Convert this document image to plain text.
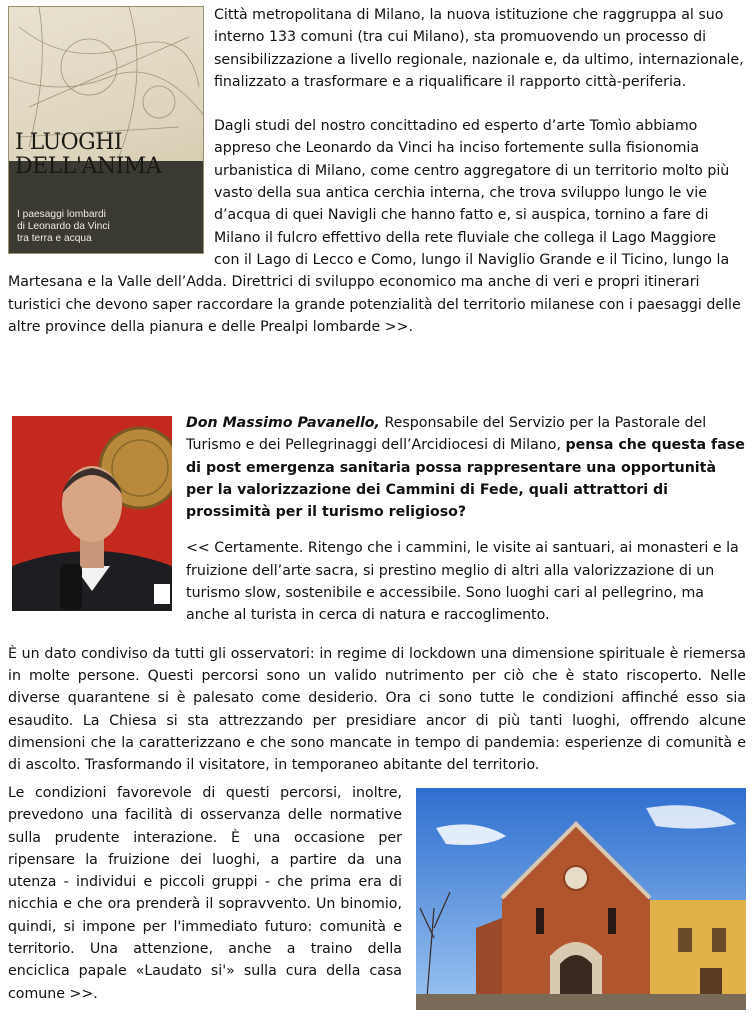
I LUOGHI
DELL'ANIMA
I paesaggi lombardi
di Leonardo da Vinci
tra terra e acqua

Città metropolitana di Milano, la nuova istituzione che raggruppa al suo interno 133 comuni (tra cui Milano), sta promuovendo un processo di sensibilizzazione a livello regionale, nazionale e, da ultimo, internazionale, finalizzato a trasformare e a riqualificare il rapporto città-periferia.

Dagli studi del nostro concittadino ed esperto d’arte Tomìo abbiamo appreso che Leonardo da Vinci ha inciso fortemente sulla fisionomia urbanistica di Milano, come centro aggregatore di un territorio molto più vasto della sua antica cerchia interna, che trova sviluppo lungo le vie d’acqua di quei Navigli che hanno fatto e, si auspica, tornino a fare di Milano il fulcro effettivo della rete fluviale che collega il Lago Maggiore con il Lago di Lecco e Como, lungo il Naviglio Grande e il Ticino, lungo la Martesana e la Valle dell’Adda. Direttrici di sviluppo economico ma anche di veri e propri itinerari turistici che devono saper raccordare la grande potenzialità del territorio milanese con i paesaggi delle altre province della pianura e delle Prealpi lombarde >>.

Don Massimo Pavanello, Responsabile del Servizio per la Pastorale del Turismo e dei Pellegrinaggi dell’Arcidiocesi di Milano, pensa che questa fase di post emergenza sanitaria possa rappresentare una opportunità per la valorizzazione dei Cammini di Fede, quali attrattori di prossimità per il turismo religioso?

<< Certamente. Ritengo che i cammini, le visite ai santuari, ai monasteri e la fruizione dell’arte sacra, si prestino meglio di altri alla valorizzazione di un turismo slow, sostenibile e accessibile. Sono luoghi cari al pellegrino, ma anche al turista in cerca di natura e raccoglimento.

È un dato condiviso da tutti gli osservatori: in regime di lockdown una dimensione spirituale è riemersa in molte persone. Questi percorsi sono un valido nutrimento per ciò che è stato riscoperto. Nelle diverse quarantene si è palesato come desiderio. Ora ci sono tutte le condizioni affinché esso sia esaudito. La Chiesa si sta attrezzando per presidiare ancor di più tanti luoghi, offrendo alcune dimensioni che la caratterizzano e che sono mancate in tempo di pandemia: esperienze di comunità e di ascolto. Trasformando il visitatore, in temporaneo abitante del territorio.

Le condizioni favorevole di questi percorsi, inoltre, prevedono una facilità di osservanza delle normative sulla prudente interazione. È una occasione per ripensare la fruizione dei luoghi, a partire da una utenza - individui e piccoli gruppi - che prima era di nicchia e che ora prenderà il sopravvento. Un binomio, quindi, si impone per l'immediato futuro: comunità e territorio. Una attenzione, anche a traino della enciclica papale «Laudato si'» sulla cura della casa comune >>.
